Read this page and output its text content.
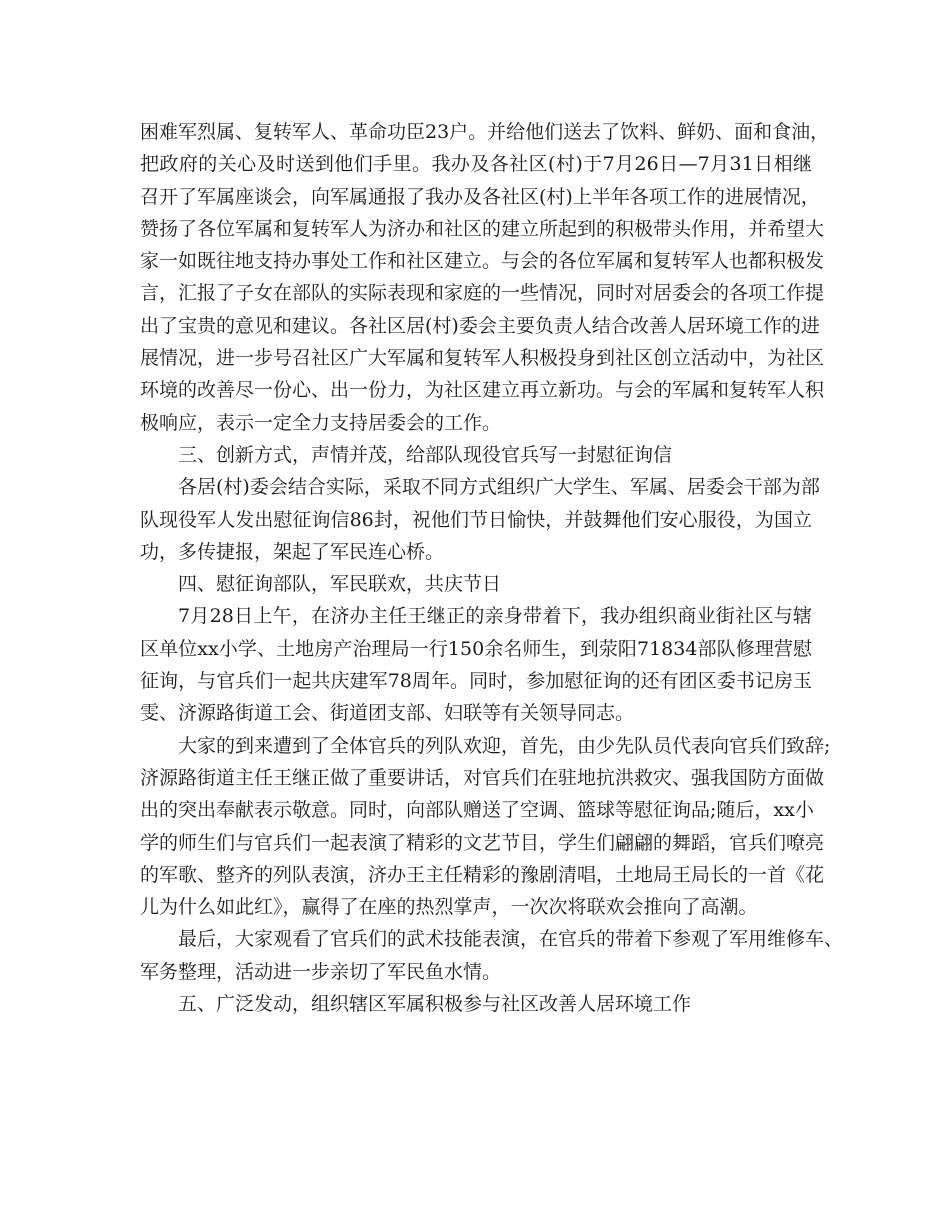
困难军烈属、复转军人、革命功臣23户。并给他们送去了饮料、鲜奶、面和食油，
把政府的关心及时送到他们手里。我办及各社区(村)于7月26日—7月31日相继
召开了军属座谈会，向军属通报了我办及各社区(村)上半年各项工作的进展情况，
赞扬了各位军属和复转军人为济办和社区的建立所起到的积极带头作用，并希望大
家一如既往地支持办事处工作和社区建立。与会的各位军属和复转军人也都积极发
言，汇报了子女在部队的实际表现和家庭的一些情况，同时对居委会的各项工作提
出了宝贵的意见和建议。各社区居(村)委会主要负责人结合改善人居环境工作的进
展情况，进一步号召社区广大军属和复转军人积极投身到社区创立活动中，为社区
环境的改善尽一份心、出一份力，为社区建立再立新功。与会的军属和复转军人积
极响应，表示一定全力支持居委会的工作。
三、创新方式，声情并茂，给部队现役官兵写一封慰征询信
各居(村)委会结合实际，采取不同方式组织广大学生、军属、居委会干部为部
队现役军人发出慰征询信86封，祝他们节日愉快，并鼓舞他们安心服役，为国立
功，多传捷报，架起了军民连心桥。
四、慰征询部队，军民联欢，共庆节日
7月28日上午，在济办主任王继正的亲身带着下，我办组织商业街社区与辖
区单位xx小学、土地房产治理局一行150余名师生，到荥阳71834部队修理营慰
征询，与官兵们一起共庆建军78周年。同时，参加慰征询的还有团区委书记房玉
雯、济源路街道工会、街道团支部、妇联等有关领导同志。
大家的到来遭到了全体官兵的列队欢迎，首先，由少先队员代表向官兵们致辞;
济源路街道主任王继正做了重要讲话，对官兵们在驻地抗洪救灾、强我国防方面做
出的突出奉献表示敬意。同时，向部队赠送了空调、篮球等慰征询品;随后，xx小
学的师生们与官兵们一起表演了精彩的文艺节目，学生们翩翩的舞蹈，官兵们嘹亮
的军歌、整齐的列队表演，济办王主任精彩的豫剧清唱，土地局王局长的一首《花
儿为什么如此红》，赢得了在座的热烈掌声，一次次将联欢会推向了高潮。
最后，大家观看了官兵们的武术技能表演，在官兵的带着下参观了军用维修车、
军务整理，活动进一步亲切了军民鱼水情。
五、广泛发动，组织辖区军属积极参与社区改善人居环境工作
